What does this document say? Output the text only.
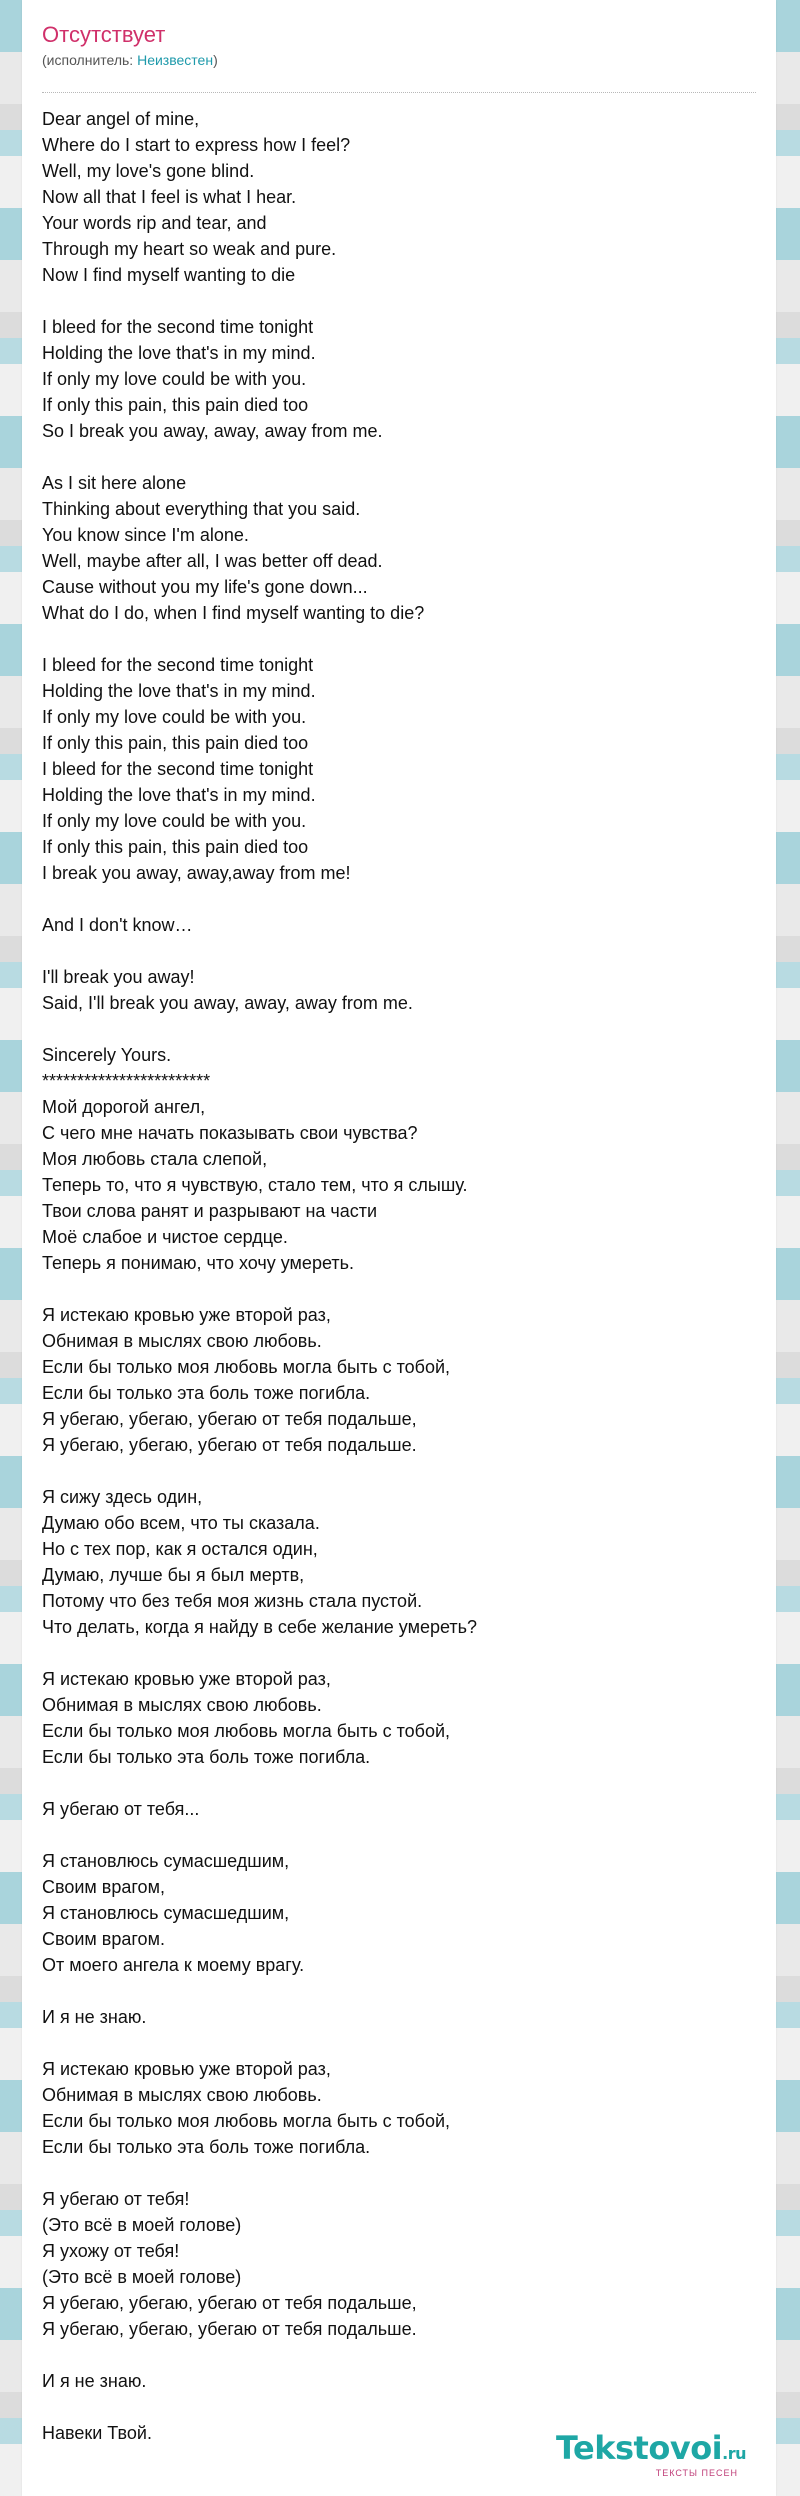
Отсутствует
(исполнитель: Неизвестен)
Dear angel of mine,
Where do I start to express how I feel?
Well, my love's gone blind.
Now all that I feel is what I hear.
Your words rip and tear, and
Through my heart so weak and pure.
Now I find myself wanting to die
I bleed for the second time tonight
Holding the love that's in my mind.
If only my love could be with you.
If only this pain, this pain died too
So I break you away, away, away from me.
As I sit here alone
Thinking about everything that you said.
You know since I'm alone.
Well, maybe after all, I was better off dead.
Cause without you my life's gone down...
What do I do, when I find myself wanting to die?
I bleed for the second time tonight
Holding the love that's in my mind.
If only my love could be with you.
If only this pain, this pain died too
I bleed for the second time tonight
Holding the love that's in my mind.
If only my love could be with you.
If only this pain, this pain died too
I break you away, away,away from me!
And I don't know…
I'll break you away!
Said, I'll break you away, away, away from me.
Sincerely Yours.
************************
Мой дорогой ангел,
С чего мне начать показывать свои чувства?
Моя любовь стала слепой,
Теперь то, что я чувствую, стало тем, что я слышу.
Твои слова ранят и разрывают на части
Моё слабое и чистое сердце.
Теперь я понимаю, что хочу умереть.
Я истекаю кровью уже второй раз,
Обнимая в мыслях свою любовь.
Если бы только моя любовь могла быть с тобой,
Если бы только эта боль тоже погибла.
Я убегаю, убегаю, убегаю от тебя подальше,
Я убегаю, убегаю, убегаю от тебя подальше.
Я сижу здесь один,
Думаю обо всем, что ты сказала.
Но с тех пор, как я остался один,
Думаю, лучше бы я был мертв,
Потому что без тебя моя жизнь стала пустой.
Что делать, когда я найду в себе желание умереть?
Я истекаю кровью уже второй раз,
Обнимая в мыслях свою любовь.
Если бы только моя любовь могла быть с тобой,
Если бы только эта боль тоже погибла.
Я убегаю от тебя...
Я становлюсь сумасшедшим,
Своим врагом,
Я становлюсь сумасшедшим,
Своим врагом.
От моего ангела к моему врагу.
И я не знаю.
Я истекаю кровью уже второй раз,
Обнимая в мыслях свою любовь.
Если бы только моя любовь могла быть с тобой,
Если бы только эта боль тоже погибла.
Я убегаю от тебя!
(Это всё в моей голове)
Я ухожу от тебя!
(Это всё в моей голове)
Я убегаю, убегаю, убегаю от тебя подальше,
Я убегаю, убегаю, убегаю от тебя подальше.
И я не знаю.
Навеки Твой.	Tekstovoi.ru
ТЕКСТЫ ПЕСЕН
